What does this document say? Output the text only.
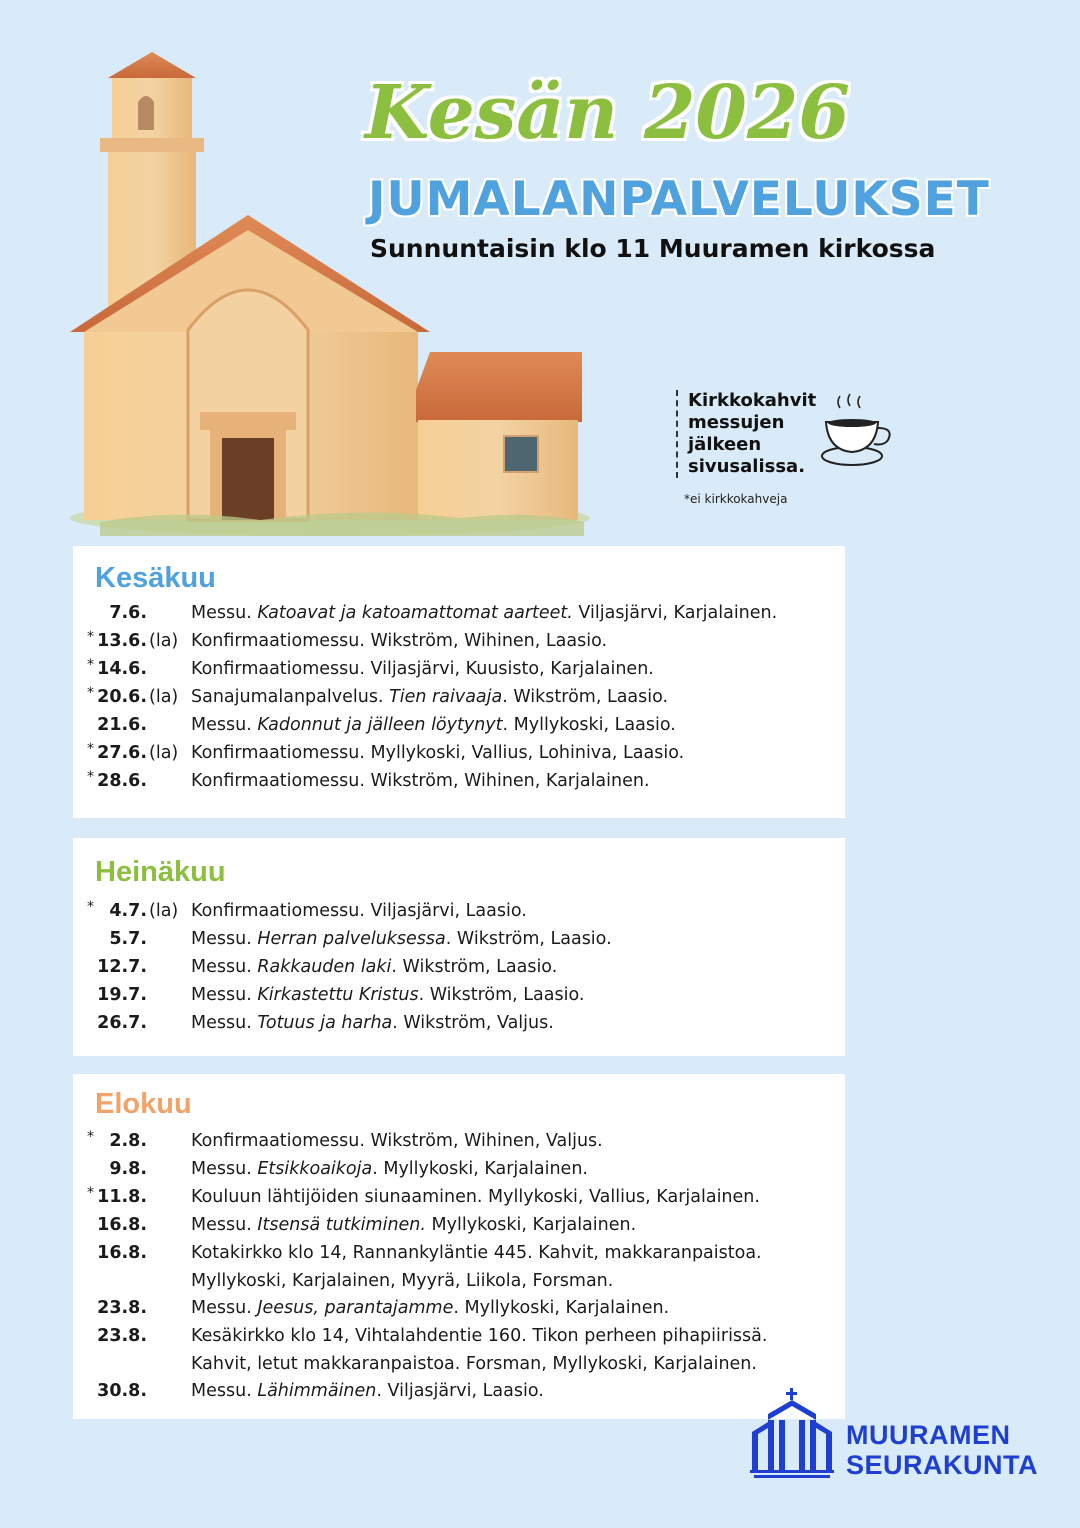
Kesän 2026
JUMALANPALVELUKSET
Sunnuntaisin klo 11 Muuramen kirkossa
Kirkkokahvit
messujen
jälkeen
sivusalissa.
*ei kirkkokahveja
Kesäkuu
7.6.	Messu. Katoavat ja katoamattomat aarteet. Viljasjärvi, Karjalainen.
* 13.6. (la) Konfirmaatiomessu. Wikström, Wihinen, Laasio.
* 14.6.	Konfirmaatiomessu. Viljasjärvi, Kuusisto, Karjalainen.
* 20.6. (la) Sanajumalanpalvelus. Tien raivaaja. Wikström, Laasio.
21.6.	Messu. Kadonnut ja jälleen löytynyt. Myllykoski, Laasio.
* 27.6. (la) Konfirmaatiomessu. Myllykoski, Vallius, Lohiniva, Laasio.
* 28.6.	Konfirmaatiomessu. Wikström, Wihinen, Karjalainen.
Heinäkuu
* 4.7. (la) Konfirmaatiomessu. Viljasjärvi, Laasio.
5.7.	Messu. Herran palveluksessa. Wikström, Laasio.
12.7.	Messu. Rakkauden laki. Wikström, Laasio.
19.7.	Messu. Kirkastettu Kristus. Wikström, Laasio.
26.7.	Messu. Totuus ja harha. Wikström, Valjus.
Elokuu
* 2.8.	Konfirmaatiomessu. Wikström, Wihinen, Valjus.
9.8.	Messu. Etsikkoaikoja. Myllykoski, Karjalainen.
* 11.8.	Kouluun lähtijöiden siunaaminen. Myllykoski, Vallius, Karjalainen.
16.8.	Messu. Itsensä tutkiminen. Myllykoski, Karjalainen.
16.8.	Kotakirkko klo 14, Rannankyläntie 445. Kahvit, makkaranpaistoa.
Myllykoski, Karjalainen, Myyrä, Liikola, Forsman.
23.8.	Messu. Jeesus, parantajamme. Myllykoski, Karjalainen.
23.8.	Kesäkirkko klo 14, Vihtalahdentie 160. Tikon perheen pihapiirissä.
Kahvit, letut makkaranpaistoa. Forsman, Myllykoski, Karjalainen.
30.8.	Messu. Lähimmäinen. Viljasjärvi, Laasio.
MUURAMEN
SEURAKUNTA
